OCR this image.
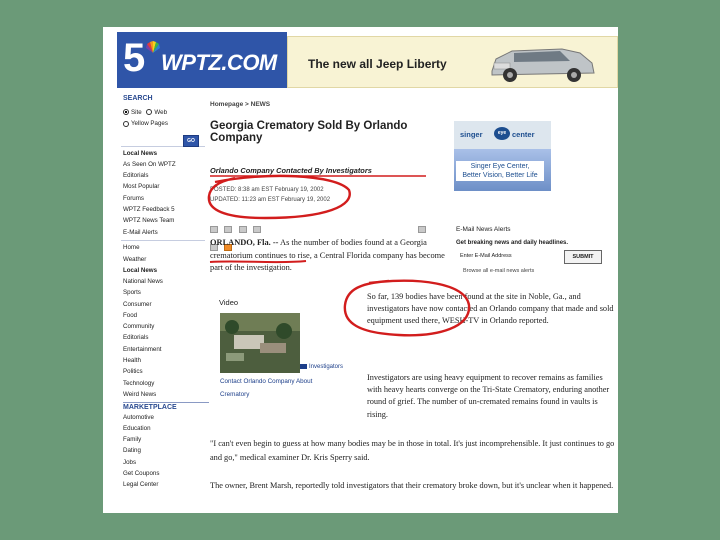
5 WPTZ.COM	The new all Jeep Liberty
SEARCH
Site Web
Yellow Pages
GO
Local News
As Seen On WPTZ
Editorials
Most Popular
Forums
WPTZ Feedback 5
WPTZ News Team
E-Mail Alerts
Home
Weather
Local News
National News
Sports
Consumer
Food
Community
Editorials
Entertainment
Health
Politics
Technology
Weird News
MARKETPLACE
Automotive
Education
Family
Dating
Jobs
Get Coupons
Legal Center
Homepage > NEWS
Georgia Crematory Sold By Orlando Company
Orlando Company Contacted By Investigators
POSTED: 8:38 am EST February 19, 2002
UPDATED: 11:23 am EST February 19, 2002

ORLANDO, Fla. -- As the number of bodies found at a Georgia crematorium continues to rise, a Central Florida company has become part of the investigation.
singer	eye center
Singer Eye Center,
Better Vision, Better Life
E-Mail News Alerts
Get breaking news and daily headlines.
Enter E-Mail Address	SUBMIT
Browse all e-mail news alerts
Video
Investigators
Contact Orlando Company About Crematory
So far, 139 bodies have been found at the site in Noble, Ga., and investigators have now contacted an Orlando company that made and sold equipment used there, WESH-TV in Orlando reported.
Investigators are using heavy equipment to recover remains as families with heavy hearts converge on the Tri-State Crematory, enduring another round of grief. The number of un-cremated remains found in vaults is rising.
"I can't even begin to guess at how many bodies may be in those in total. It's just incomprehensible. It just continues to go and go," medical examiner Dr. Kris Sperry said.
The owner, Brent Marsh, reportedly told investigators that their crematory broke down, but it's unclear when it happened.
